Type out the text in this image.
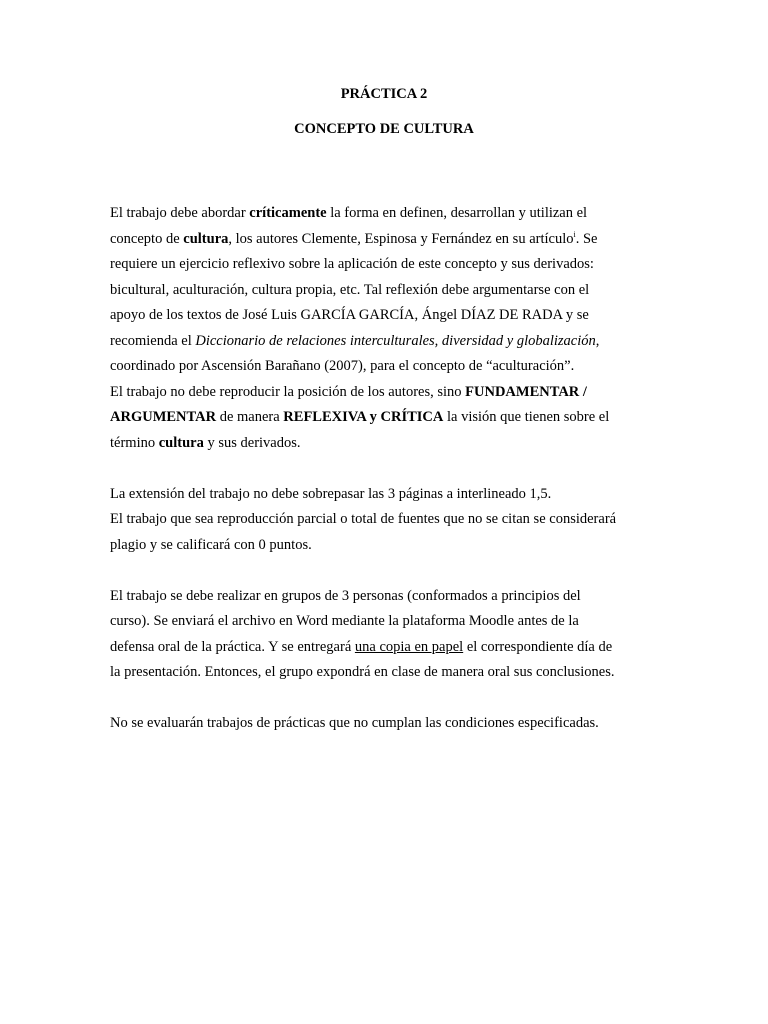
PRÁCTICA 2
CONCEPTO DE CULTURA
El trabajo debe abordar críticamente la forma en definen, desarrollan y utilizan el
concepto de cultura, los autores Clemente, Espinosa y Fernández en su artículo$^i$. Se
requiere un ejercicio reflexivo sobre la aplicación de este concepto y sus derivados:
bicultural, aculturación, cultura propia, etc. Tal reflexión debe argumentarse con el
apoyo de los textos de José Luis GARCÍA GARCÍA, Ángel DÍAZ DE RADA y se
recomienda el Diccionario de relaciones interculturales, diversidad y globalización,
coordinado por Ascensión Barañano (2007), para el concepto de “aculturación”.
El trabajo no debe reproducir la posición de los autores, sino FUNDAMENTAR /
ARGUMENTAR de manera REFLEXIVA y CRÍTICA la visión que tienen sobre el
término cultura y sus derivados.
La extensión del trabajo no debe sobrepasar las 3 páginas a interlineado 1,5.
El trabajo que sea reproducción parcial o total de fuentes que no se citan se considerará
plagio y se calificará con 0 puntos.
El trabajo se debe realizar en grupos de 3 personas (conformados a principios del
curso). Se enviará el archivo en Word mediante la plataforma Moodle antes de la
defensa oral de la práctica. Y se entregará una copia en papel el correspondiente día de
la presentación. Entonces, el grupo expondrá en clase de manera oral sus conclusiones.
No se evaluarán trabajos de prácticas que no cumplan las condiciones especificadas.
